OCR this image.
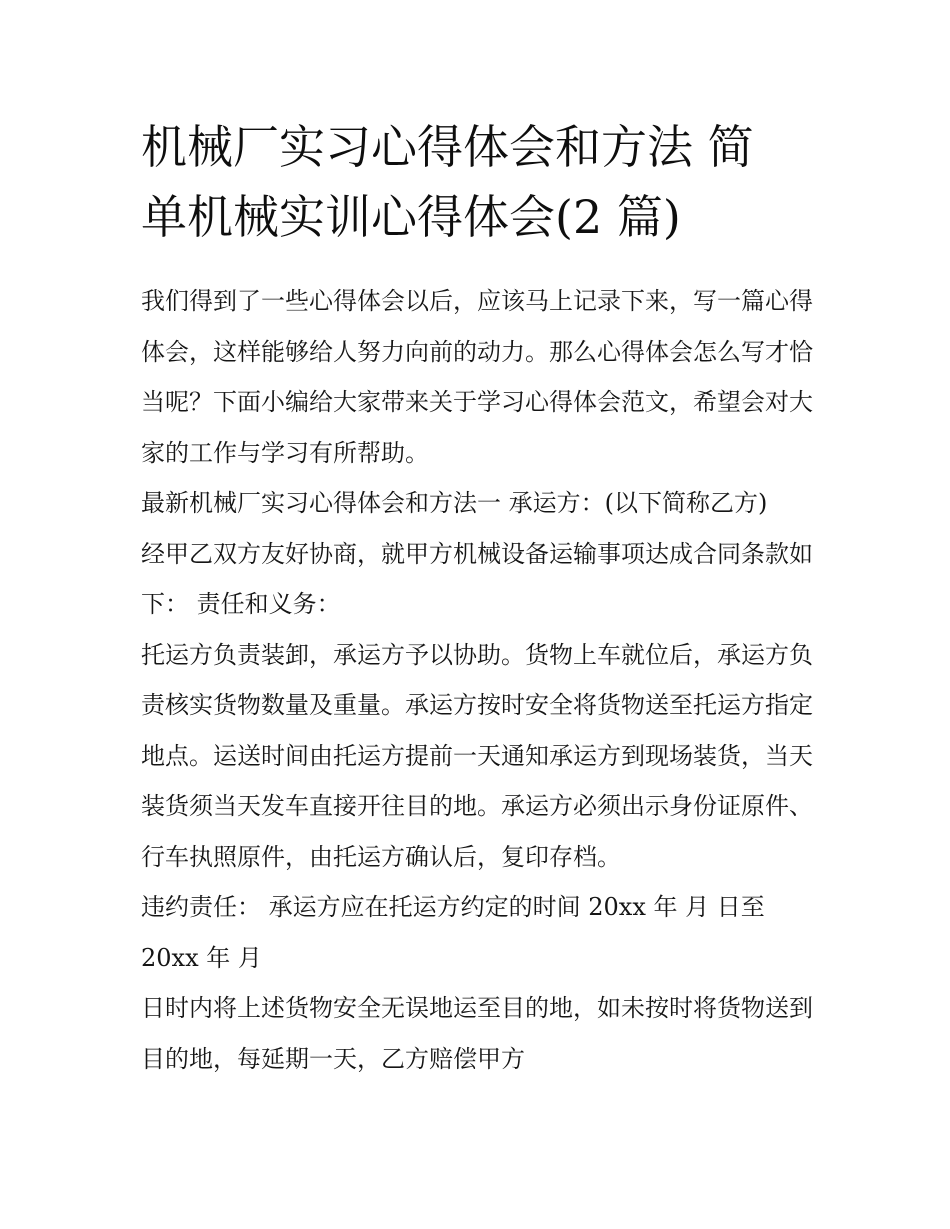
机械厂实习心得体会和方法 简
单机械实训心得体会(2 篇)

我们得到了一些心得体会以后，应该马上记录下来，写一篇心得体会，这样能够给人努力向前的动力。那么心得体会怎么写才恰当呢？下面小编给大家带来关于学习心得体会范文，希望会对大家的工作与学习有所帮助。

最新机械厂实习心得体会和方法一 承运方：(以下简称乙方)

经甲乙双方友好协商，就甲方机械设备运输事项达成合同条款如下： 责任和义务：

托运方负责装卸，承运方予以协助。货物上车就位后，承运方负责核实货物数量及重量。承运方按时安全将货物送至托运方指定地点。运送时间由托运方提前一天通知承运方到现场装货，当天装货须当天发车直接开往目的地。承运方必须出示身份证原件、行车执照原件，由托运方确认后，复印存档。

违约责任： 承运方应在托运方约定的时间 20xx 年 月 日至

20xx 年 月

日时内将上述货物安全无误地运至目的地，如未按时将货物送到目的地，每延期一天，乙方赔偿甲方
